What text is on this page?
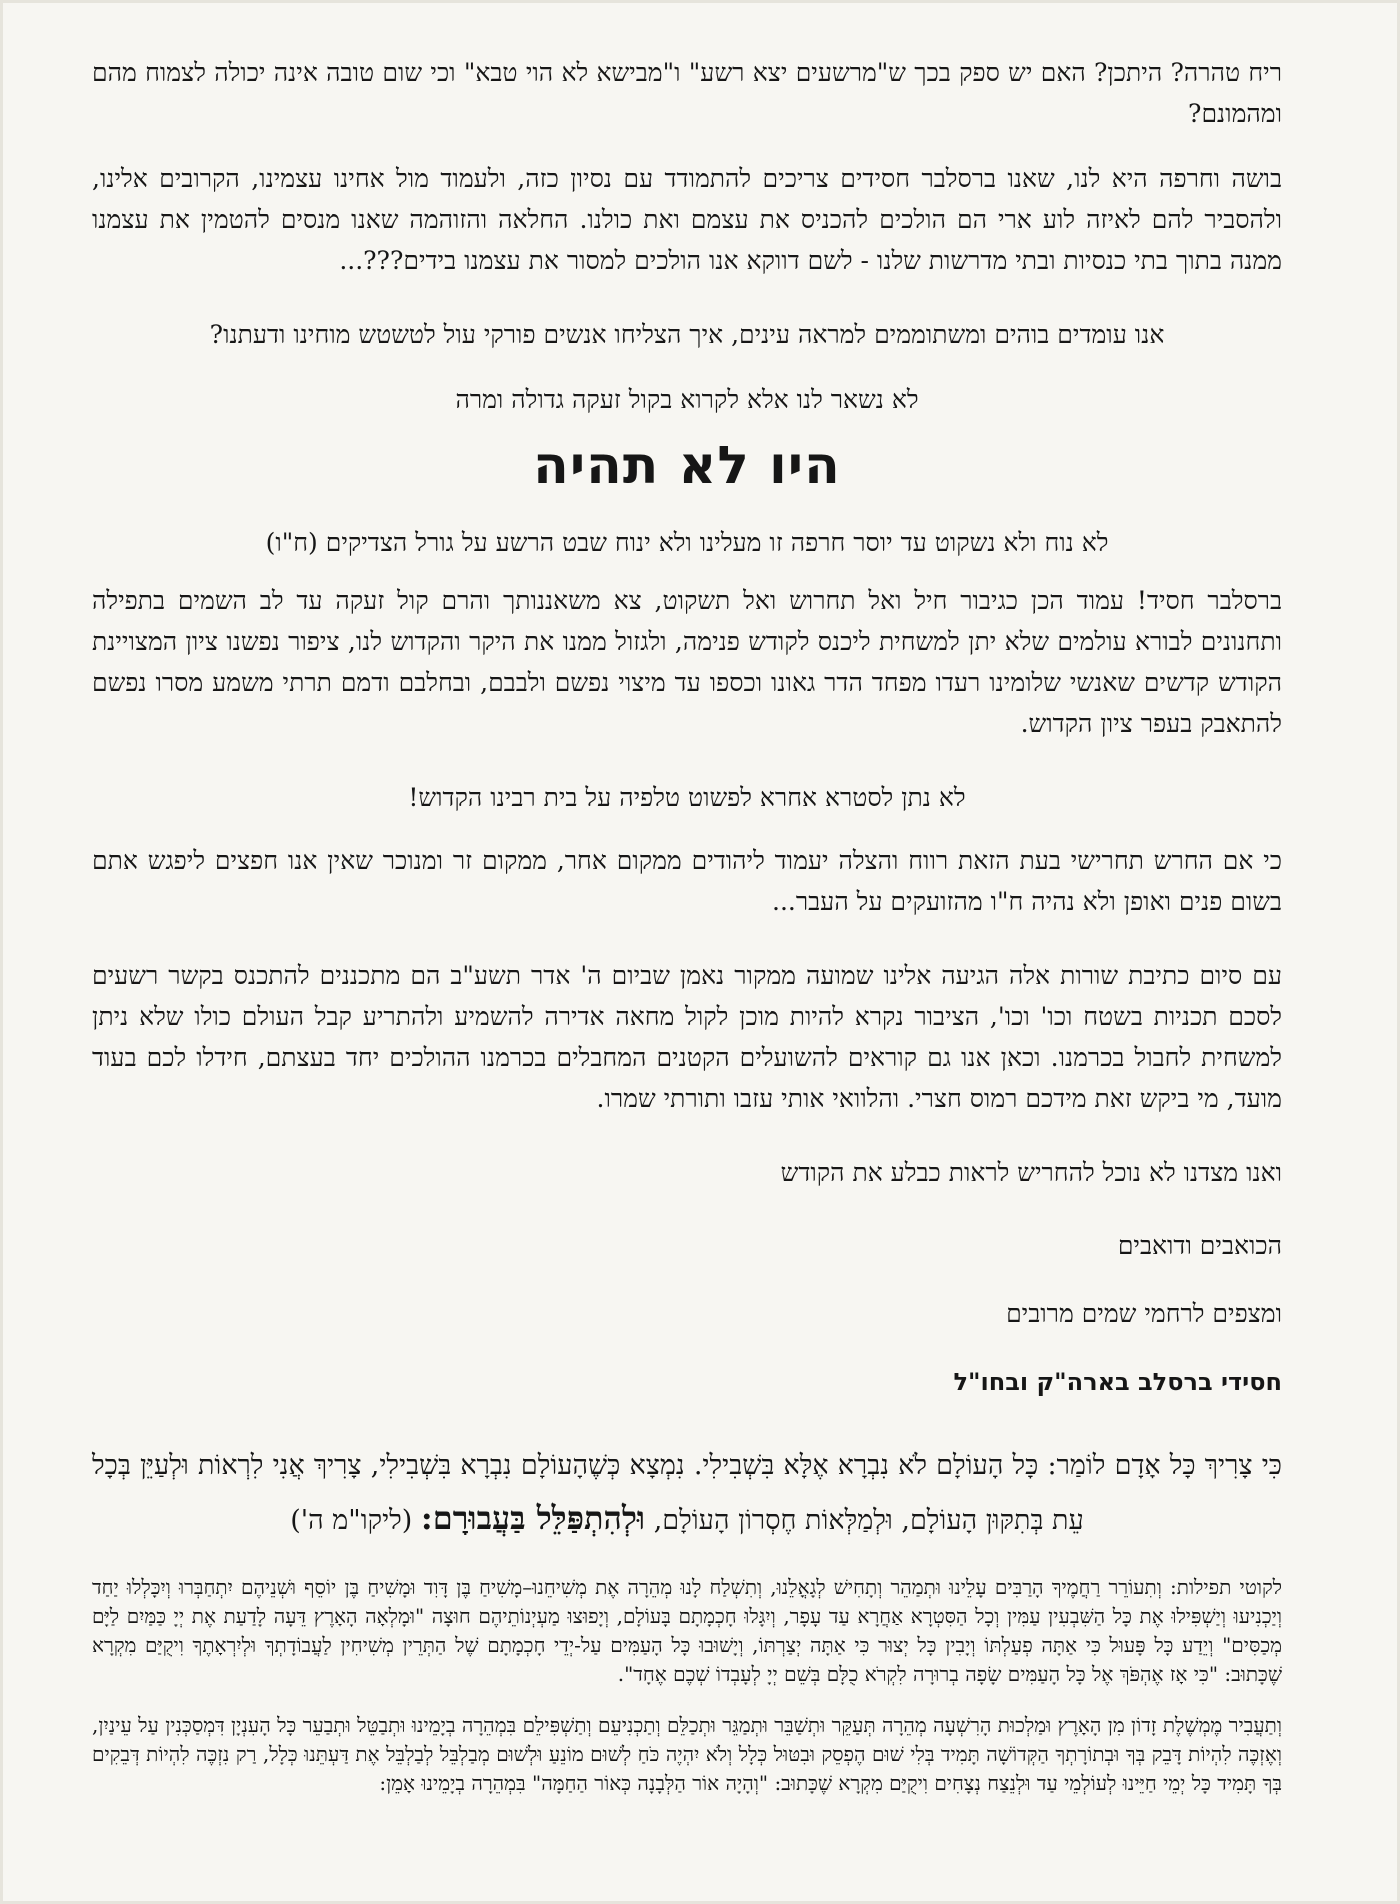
ריח טהרה? היתכן? האם יש ספק בכך ש"מרשעים יצא רשע" ו"מבישא לא הוי טבא" וכי שום טובה אינה יכולה לצמוח מהם ומהמונם?

בושה וחרפה היא לנו, שאנו ברסלבר חסידים צריכים להתמודד עם נסיון כזה, ולעמוד מול אחינו עצמינו, הקרובים אלינו, ולהסביר להם לאיזה לוע ארי הם הולכים להכניס את עצמם ואת כולנו. החלאה והזוהמה שאנו מנסים להטמין את עצמנו ממנה בתוך בתי כנסיות ובתי מדרשות שלנו - לשם דווקא אנו הולכים למסור את עצמנו בידים???...

אנו עומדים בוהים ומשתוממים למראה עינים, איך הצליחו אנשים פורקי עול לטשטש מוחינו ודעתנו?

לא נשאר לנו אלא לקרוא בקול זעקה גדולה ומרה

היו לא תהיה

לא נוח ולא נשקוט עד יוסר חרפה זו מעלינו ולא ינוח שבט הרשע על גורל הצדיקים (ח"ו)

ברסלבר חסיד! עמוד הכן כגיבור חיל ואל תחרוש ואל תשקוט, צא משאננותך והרם קול זעקה עד לב השמים בתפילה ותחנונים לבורא עולמים שלא יתן למשחית ליכנס לקודש פנימה, ולגזול ממנו את היקר והקדוש לנו, ציפור נפשנו ציון המצויינת הקודש קדשים שאנשי שלומינו רעדו מפחד הדר גאונו וכספו עד מיצוי נפשם ולבבם, ובחלבם ודמם תרתי משמע מסרו נפשם להתאבק בעפר ציון הקדוש.

לא נתן לסטרא אחרא לפשוט טלפיה על בית רבינו הקדוש!

כי אם החרש תחרישי בעת הזאת רווח והצלה יעמוד ליהודים ממקום אחר, ממקום זר ומנוכר שאין אנו חפצים ליפגש אתם בשום פנים ואופן ולא נהיה ח"ו מהזועקים על העבר...

עם סיום כתיבת שורות אלה הגיעה אלינו שמועה ממקור נאמן שביום ה' אדר תשע"ב הם מתכננים להתכנס בקשר רשעים לסכם תכניות בשטח וכו' וכו', הציבור נקרא להיות מוכן לקול מחאה אדירה להשמיע ולהתריע קבל העולם כולו שלא ניתן למשחית לחבול בכרמנו. וכאן אנו גם קוראים להשועלים הקטנים המחבלים בכרמנו ההולכים יחד בעצתם, חידלו לכם בעוד מועד, מי ביקש זאת מידכם רמוס חצרי. והלוואי אותי עזבו ותורתי שמרו.

ואנו מצדנו לא נוכל להחריש לראות כבלע את הקודש

הכואבים ודואבים
ומצפים לרחמי שמים מרובים
חסידי ברסלב בארה"ק ובחו"ל

כִּי צָרִיךְ כָּל אָדָם לוֹמַר: כָּל הָעוֹלָם לֹא נִבְרָא אֶלָּא בִּשְׁבִילִי. נִמְצָא כְּשֶׁהָעוֹלָם נִבְרָא בִּשְׁבִילִי, צָרִיךְ אֲנִי לִרְאוֹת וּלְעַיֵּן בְּכָל עֵת בְּתִקּוּן הָעוֹלָם, וּלְמַלְּאוֹת חֶסְרוֹן הָעוֹלָם, וּלְהִתְפַּלֵּל בַּעֲבוּרָם: (ליקו"מ ה')

לקוטי תפילות: וְתִעוֹרֵר רַחֲמֶיךָ הָרַבִּים עָלֵינוּ וּתְמַהֵר וְתָחִישׁ לְגָאֳלֵנוּ, וְתִשְׁלַח לָנוּ מְהֵרָה אֶת מְשִׁיחֵנוּ–מָשִׁיחַ בֶּן דָּוִד וּמָשִׁיחַ בֶּן יוֹסֵף וּשְׁנֵיהֶם יִתְחַבְּרוּ וְיִכָּלְלוּ יַחַד וְיַכְנִיעוּ וְיַשְׁפִּילוּ אֶת כָּל הַשִּׁבְעִין עַמִּין וְכָל הַסִּטְרָא אַחֲרָא עַד עָפָר, וְיִגָּלוּ חָכְמָתָם בָּעוֹלָם, וְיָפוּצוּ מַעְיְנוֹתֵיהֶם חוּצָה "וּמָלְאָה הָאָרֶץ דֵּעָה לָדַעַת אֶת יְיָ כַּמַּיִם לַיָּם מְכַסִּים" וְיֵדַע כָּל פָּעוּל כִּי אַתָּה פְעַלְתּוֹ וְיָבִין כָּל יְצוּר כִּי אַתָּה יְצַרְתּוֹ, וְיָשׁוּבוּ כָּל הָעַמִּים עַל-יְדֵי חָכְמָתָם שֶׁל הַתְּרֵין מְשִׁיחִין לַעֲבוֹדָתְךָ וּלְיִרְאָתֶךָ וִיקֻיַּם מִקְרָא שֶׁכָּתוּב: "כִּי אָז אֶהְפֹּךְ אֶל כָּל הָעַמִּים שָׂפָה בְרוּרָה לִקְרֹא כֻלָּם בְּשֵׁם יְיָ לְעָבְדוֹ שְׁכֶם אֶחָד".

וְתַעֲבִיר מֶמְשֶׁלֶת זָדוֹן מִן הָאָרֶץ וּמַלְכוּת הָרִשְׁעָה מְהֵרָה תְּעַקֵּר וּתְשַׁבֵּר וּתְמַגֵּר וּתְכַלֵּם וְתַכְנִיעֵם וְתַשְׁפִּילֵם בִּמְהֵרָה בְיָמֵינוּ וּתְבַטֵּל וּתְבַעֵר כָּל הָעִנְיָן דִּמְסַכְּנִין עַל עֵינַיִן, וְאֶזְכֶּה לִהְיוֹת דָּבֵק בְּךָ וּבְתוֹרָתְךָ הַקְּדוֹשָׁה תָּמִיד בְּלִי שׁוּם הֶפְסֵק וּבִטּוּל כְּלָל וְלֹא יִהְיֶה כֹּחַ לְשׁוּם מוֹנֵעַ וּלְשׁוּם מְבַלְבֵּל לְבַלְבֵּל אֶת דַּעְתֵּנוּ כְּלָל, רַק נִזְכֶּה לִהְיוֹת דְּבֵקִים בְּךָ תָּמִיד כָּל יְמֵי חַיֵּינוּ לְעוֹלְמֵי עַד וּלְנֵצַח נְצָחִים וִיקֻיַּם מִקְרָא שֶׁכָּתוּב: "וְהָיָה אוֹר הַלְּבָנָה כְּאוֹר הַחַמָּה" בִּמְהֵרָה בְיָמֵינוּ אָמֵן:
